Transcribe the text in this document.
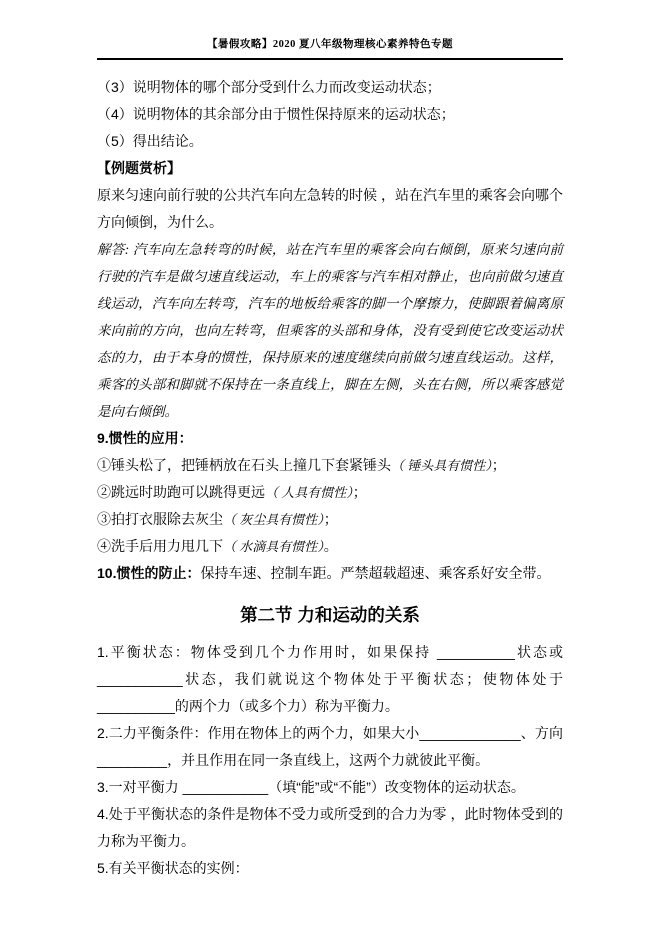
【暑假攻略】2020 夏八年级物理核心素养特色专题

（3）说明物体的哪个部分受到什么力而改变运动状态；

（4）说明物体的其余部分由于惯性保持原来的运动状态；

（5）得出结论。

【例题赏析】

原来匀速向前行驶的公共汽车向左急转的时候 ，站在汽车里的乘客会向哪个方向倾倒，为什么。

解答: 汽车向左急转弯的时候，站在汽车里的乘客会向右倾倒，原来匀速向前行驶的汽车是做匀速直线运动，车上的乘客与汽车相对静止，也向前做匀速直线运动，汽车向左转弯，汽车的地板给乘客的脚一个摩擦力，使脚跟着偏离原来向前的方向，也向左转弯，但乘客的头部和身体，没有受到使它改变运动状态的力，由于本身的惯性，保持原来的速度继续向前做匀速直线运动。这样，乘客的头部和脚就不保持在一条直线上，脚在左侧，头在右侧，所以乘客感觉是向右倾倒。

9.惯性的应用：

①锤头松了，把锤柄放在石头上撞几下套紧锤头（ 锤头具有惯性）；

②跳远时助跑可以跳得更远（ 人具有惯性）；

③拍打衣服除去灰尘（ 灰尘具有惯性）；

④洗手后用力甩几下（ 水滴具有惯性）。

10.惯性的防止：保持车速、控制车距。严禁超载超速、乘客系好安全带。

第二节 力和运动的关系

1.平衡状态：物体受到几个力作用时，如果保持 __________状态或___________状态，我们就说这个物体处于平衡状态；使物体处于 __________的两个力（或多个力）称为平衡力。

2.二力平衡条件：作用在物体上的两个力，如果大小_____________、方向_________，并且作用在同一条直线上，这两个力就彼此平衡。

3.一对平衡力 ___________（填“能”或“不能”）改变物体的运动状态。

4.处于平衡状态的条件是物体不受力或所受到的合力为零 ，此时物体受到的力称为平衡力。

5.有关平衡状态的实例：
